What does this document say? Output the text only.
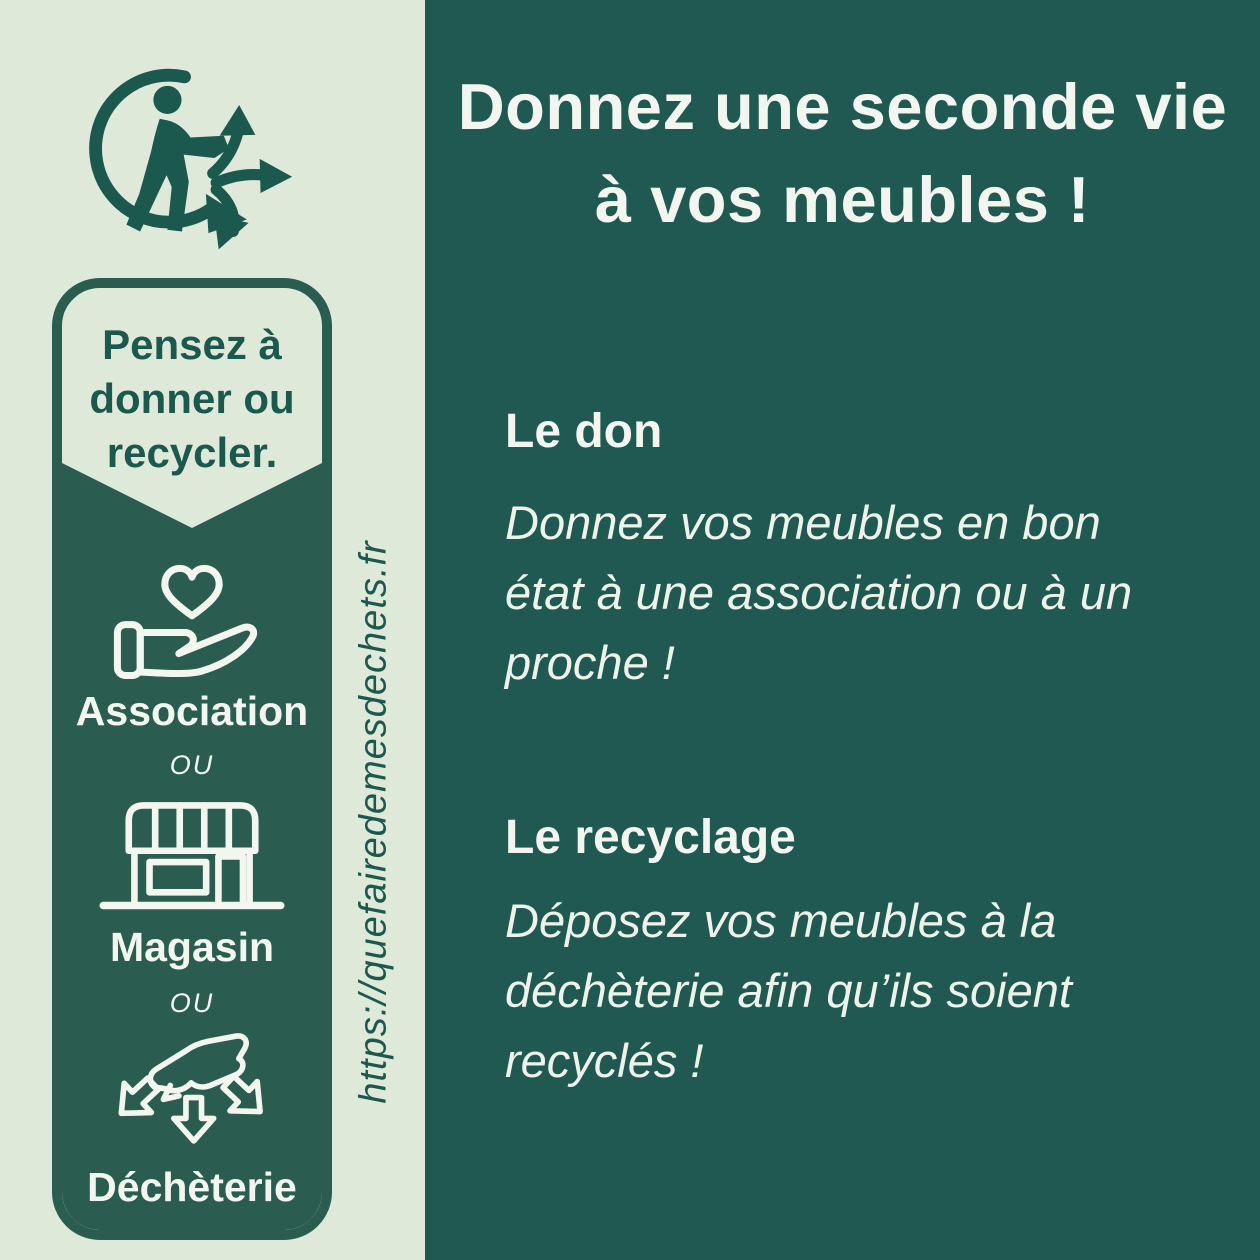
Pensez à
donner ou
recycler.
Association
OU
Magasin
OU
Déchèterie
https://quefairedemesdechets.fr
Donnez une seconde vie
à vos meubles !
Le don
Donnez vos meubles en bon
état à une association ou à un
proche !
Le recyclage
Déposez vos meubles à la
déchèterie afin qu’ils soient
recyclés !
